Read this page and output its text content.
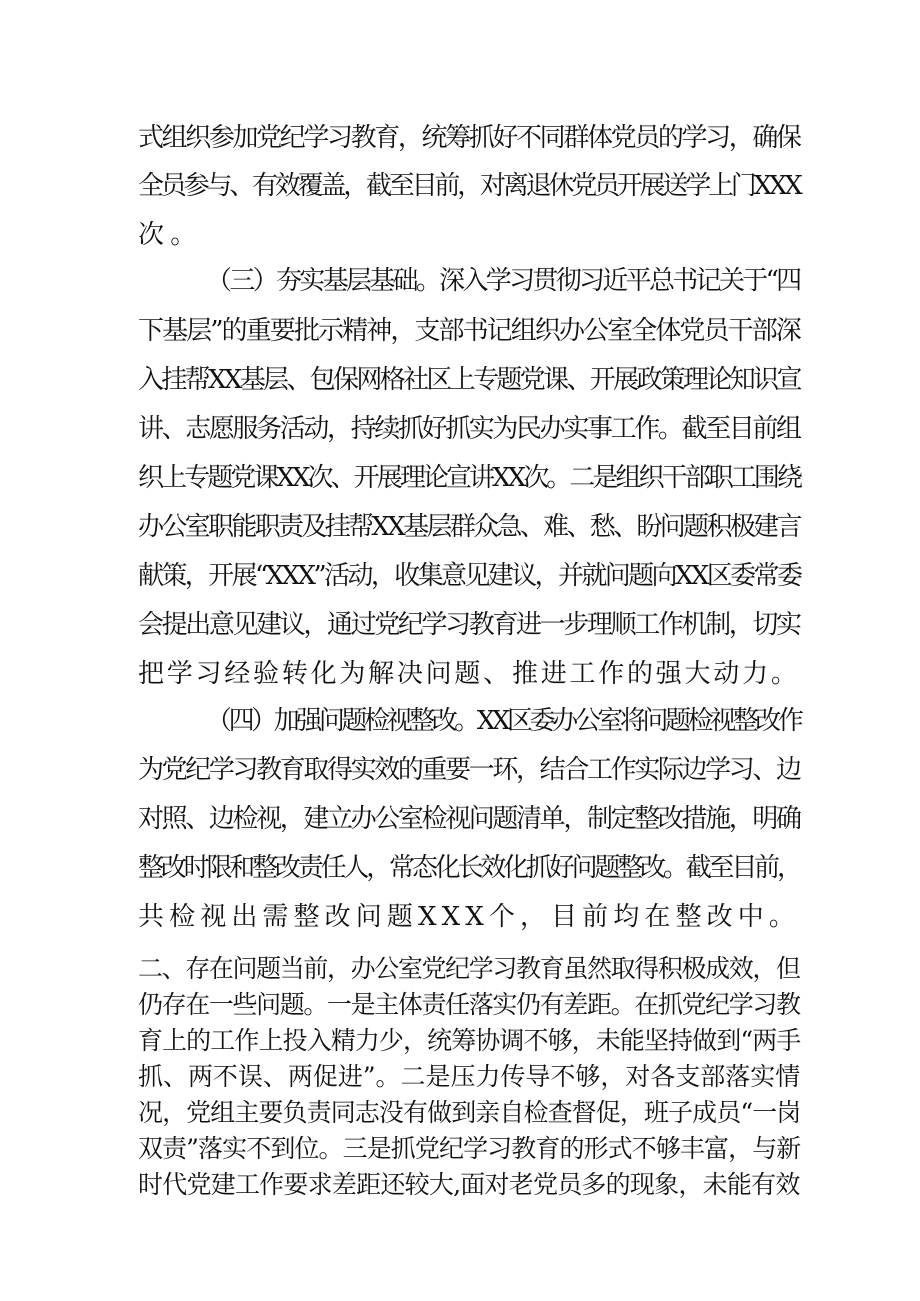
式组织参加党纪学习教育，统筹抓好不同群体党员的学习，确保
全员参与、有效覆盖，截至目前，对离退休党员开展送学上门XXX
次。
（三）夯实基层基础。深入学习贯彻习近平总书记关于“四
下基层”的重要批示精神，支部书记组织办公室全体党员干部深
入挂帮XX基层、包保网格社区上专题党课、开展政策理论知识宣
讲、志愿服务活动，持续抓好抓实为民办实事工作。截至目前组
织上专题党课XX次、开展理论宣讲XX次。二是组织干部职工围绕
办公室职能职责及挂帮XX基层群众急、难、愁、盼问题积极建言
献策，开展“XXX”活动，收集意见建议，并就问题向XX区委常委
会提出意见建议，通过党纪学习教育进一步理顺工作机制，切实
把学习经验转化为解决问题、推进工作的强大动力。
（四）加强问题检视整改。XX区委办公室将问题检视整改作
为党纪学习教育取得实效的重要一环，结合工作实际边学习、边
对照、边检视，建立办公室检视问题清单，制定整改措施，明确
整改时限和整改责任人，常态化长效化抓好问题整改。截至目前，
共检视出需整改问题XXX个，目前均在整改中。
二、存在问题当前，办公室党纪学习教育虽然取得积极成效，但
仍存在一些问题。一是主体责任落实仍有差距。在抓党纪学习教
育上的工作上投入精力少，统筹协调不够，未能坚持做到“两手
抓、两不误、两促进”。二是压力传导不够，对各支部落实情
况，党组主要负责同志没有做到亲自检查督促，班子成员“一岗
双责”落实不到位。三是抓党纪学习教育的形式不够丰富，与新
时代党建工作要求差距还较大,面对老党员多的现象，未能有效
